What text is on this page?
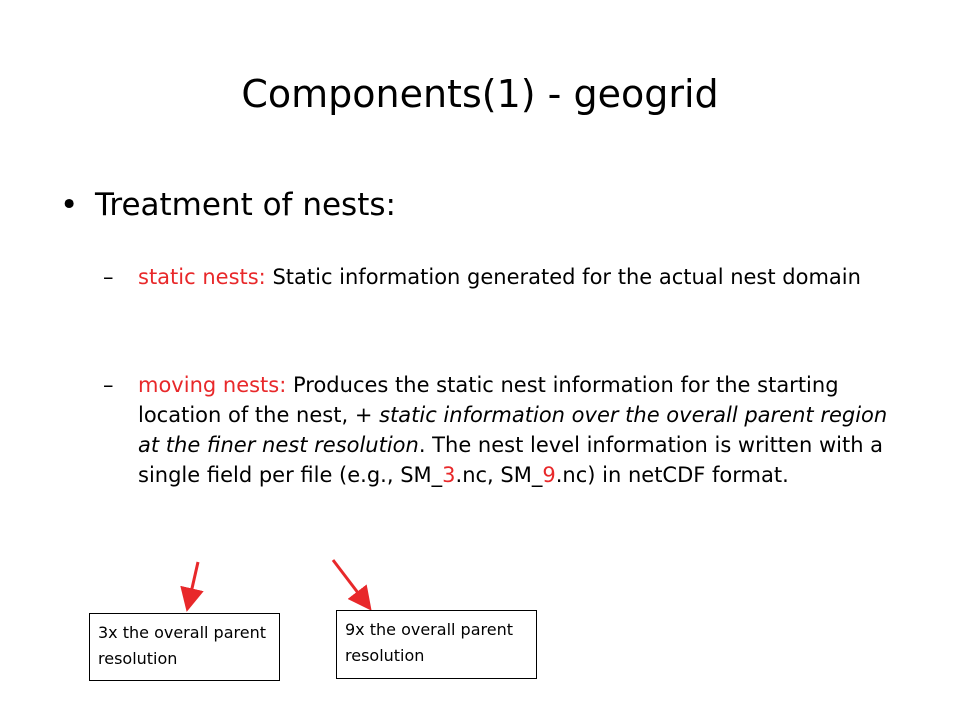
Components(1) - geogrid
• Treatment of nests:
– static nests: Static information generated for the actual nest domain
– moving nests: Produces the static nest information for the starting location of the nest, + static information over the overall parent region at the finer nest resolution. The nest level information is written with a single field per file (e.g., SM_3.nc, SM_9.nc) in netCDF format.
3x the overall parent resolution
9x the overall parent resolution
